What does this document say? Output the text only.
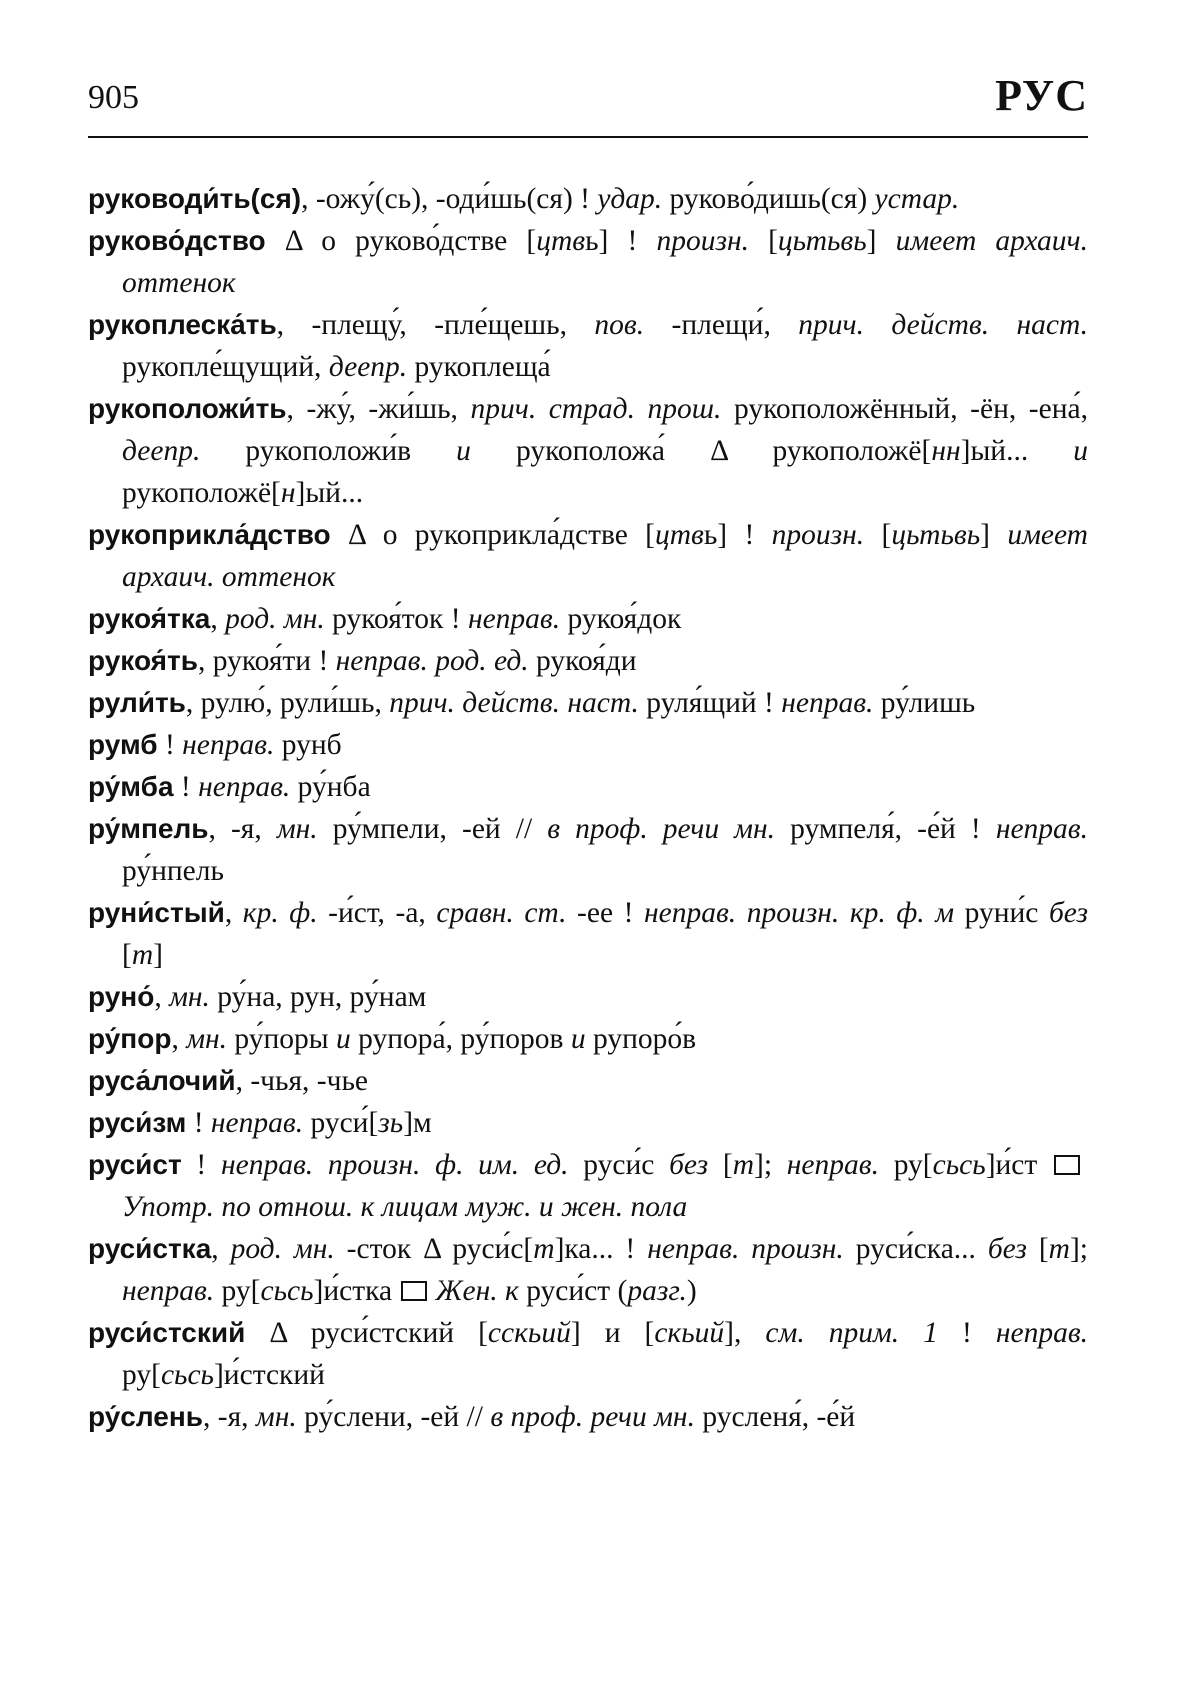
905	РУС

руководи́ть(ся), -ожу́(сь), -оди́шь(ся) ! удар. руково́дишь(ся) устар.

руково́дство Δ о руково́дстве [цтвь] ! произн. [цьтьвь] имеет архаич. оттенок

рукоплеска́ть, -плещу́, -пле́щешь, пов. -плещи́, прич. действ. наст. рукопле́щущий, деепр. рукоплеща́

рукоположи́ть, -жу́, -жи́шь, прич. страд. прош. рукоположённый, -ён, -ена́, деепр. рукоположи́в и рукоположа́ Δ рукоположё[нн]ый... и рукоположё[н]ый...

рукоприкла́дство Δ о рукоприкла́дстве [цтвь] ! произн. [цьтьвь] имеет архаич. оттенок

рукоя́тка, род. мн. рукоя́ток ! неправ. рукоя́док

рукоя́ть, рукоя́ти ! неправ. род. ед. рукоя́ди

рули́ть, рулю́, рули́шь, прич. действ. наст. руля́щий ! неправ. ру́лишь

румб ! неправ. рунб

ру́мба ! неправ. ру́нба

ру́мпель, -я, мн. ру́мпели, -ей // в проф. речи мн. румпеля́, -е́й ! неправ. ру́нпель

руни́стый, кр. ф. -и́ст, -а, сравн. ст. -ее ! неправ. произн. кр. ф. м руни́с без [т]

руно́, мн. ру́на, рун, ру́нам

ру́пор, мн. ру́поры и рупора́, ру́поров и рупоро́в

руса́лочий, -чья, -чье

руси́зм ! неправ. руси́[зь]м

руси́ст ! неправ. произн. ф. им. ед. руси́с без [т]; неправ. ру[сьсь]и́ст Употр. по отнош. к лицам муж. и жен. пола

руси́стка, род. мн. -сток Δ руси́с[т]ка... ! неправ. произн. руси́ска... без [т]; неправ. ру[сьсь]и́стка Жен. к руси́ст (разг.)

руси́стский Δ руси́стский [сскьий] и [скьий], см. прим. 1 ! неправ. ру[сьсь]и́стский

ру́слень, -я, мн. ру́слени, -ей // в проф. речи мн. русленя́, -е́й
